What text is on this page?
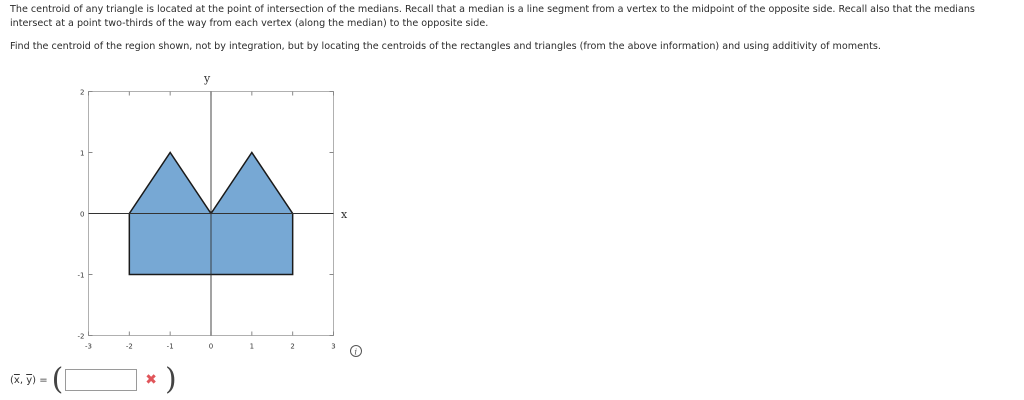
The centroid of any triangle is located at the point of intersection of the medians. Recall that a median is a line segment from a vertex to the midpoint of the opposite side. Recall also that the medians intersect at a point two-thirds of the way from each vertex (along the median) to the opposite side.

Find the centroid of the region shown, not by integration, but by locating the centroids of the rectangles and triangles (from the above information) and using additivity of moments.

-3	-2	-1	0	1	2	3
-2
-1
0
1
2
x
y
i
($\overline{x}$, $\overline{y}$) = (	✖ )
